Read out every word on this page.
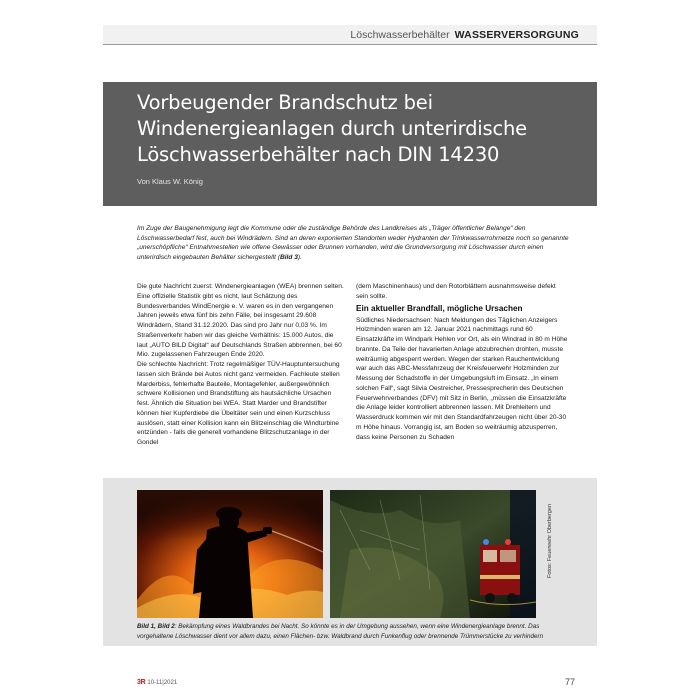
Löschwasserbehälter WASSERVERSORGUNG
Vorbeugender Brandschutz bei Windenergieanlagen durch unterirdische Löschwasserbehälter nach DIN 14230
Von Klaus W. König
Im Zuge der Baugenehmigung legt die Kommune oder die zuständige Behörde des Landkreises als „Träger öffentlicher Belange“ den Löschwasserbedarf fest, auch bei Windrädern. Sind an deren exponierten Standorten weder Hydranten der Trinkwasserrohrnetze noch so genannte „unerschöpfliche“ Entnahmestellen wie offene Gewässer oder Brunnen vorhanden, wird die Grundversorgung mit Löschwasser durch einen unterirdisch eingebauten Behälter sichergestellt (Bild 3).

Die gute Nachricht zuerst: Windenergieanlagen (WEA) brennen selten. Eine offizielle Statistik gibt es nicht, laut Schätzung des Bundesverbandes WindEnergie e. V. waren es in den vergangenen Jahren jeweils etwa fünf bis zehn Fälle, bei insgesamt 29.608 Windrädern, Stand 31.12.2020. Das sind pro Jahr nur 0,03 %. Im Straßenverkehr haben wir das gleiche Verhältnis: 15.000 Autos, die laut „AUTO BILD Digital“ auf Deutschlands Straßen abbrennen, bei 60 Mio. zugelassenen Fahrzeugen Ende 2020.

Die schlechte Nachricht: Trotz regelmäßiger TÜV-Hauptuntersuchung lassen sich Brände bei Autos nicht ganz vermeiden. Fachleute stellen Marderbiss, fehlerhafte Bauteile, Montagefehler, außergewöhnlich schwere Kollisionen und Brandstiftung als hautsächliche Ursachen fest. Ähnlich die Situation bei WEA. Statt Marder und Brandstifter können hier Kupferdiebe die Übeltäter sein und einen Kurzschluss auslösen, statt einer Kollision kann ein Blitzeinschlag die Windturbine entzünden - falls die generell vorhandene Blitzschutzanlage in der Gondel

(dem Maschinenhaus) und den Rotorblättern ausnahmsweise defekt sein sollte.

Ein aktueller Brandfall, mögliche Ursachen

Südliches Niedersachsen: Nach Meldungen des Täglichen Anzeigers Holzminden waren am 12. Januar 2021 nachmittags rund 60 Einsatzkräfte im Windpark Hehlen vor Ort, als ein Windrad in 80 m Höhe brannte. Da Teile der havarierten Anlage abzubrechen drohten, musste weiträumig abgesperrt werden. Wegen der starken Rauchentwicklung war auch das ABC-Messfahrzeug der Kreisfeuerwehr Holzminden zur Messung der Schadstoffe in der Umgebungsluft im Einsatz. „In einem solchen Fall“, sagt Silvia Oestreicher, Pressesprecherin des Deutschen Feuerwehrverbandes (DFV) mit Sitz in Berlin, „müssen die Einsatzkräfte die Anlage leider kontrolliert abbrennen lassen. Mit Drehleitern und Wasserdruck kommen wir mit den Standardfahrzeugen nicht über 20-30 m Höhe hinaus. Vorrangig ist, am Boden so weiträumig abzusperren, dass keine Personen zu Schaden

Fotos: Feuerwehr Oberbergen
Bild 1, Bild 2: Bekämpfung eines Waldbrandes bei Nacht. So könnte es in der Umgebung aussehen, wenn eine Windenergieanlage brennt. Das vorgehaltene Löschwasser dient vor allem dazu, einen Flächen- bzw. Waldbrand durch Funkenflug oder brennende Trümmerstücke zu verhindern
3R 10-11|2021	77
